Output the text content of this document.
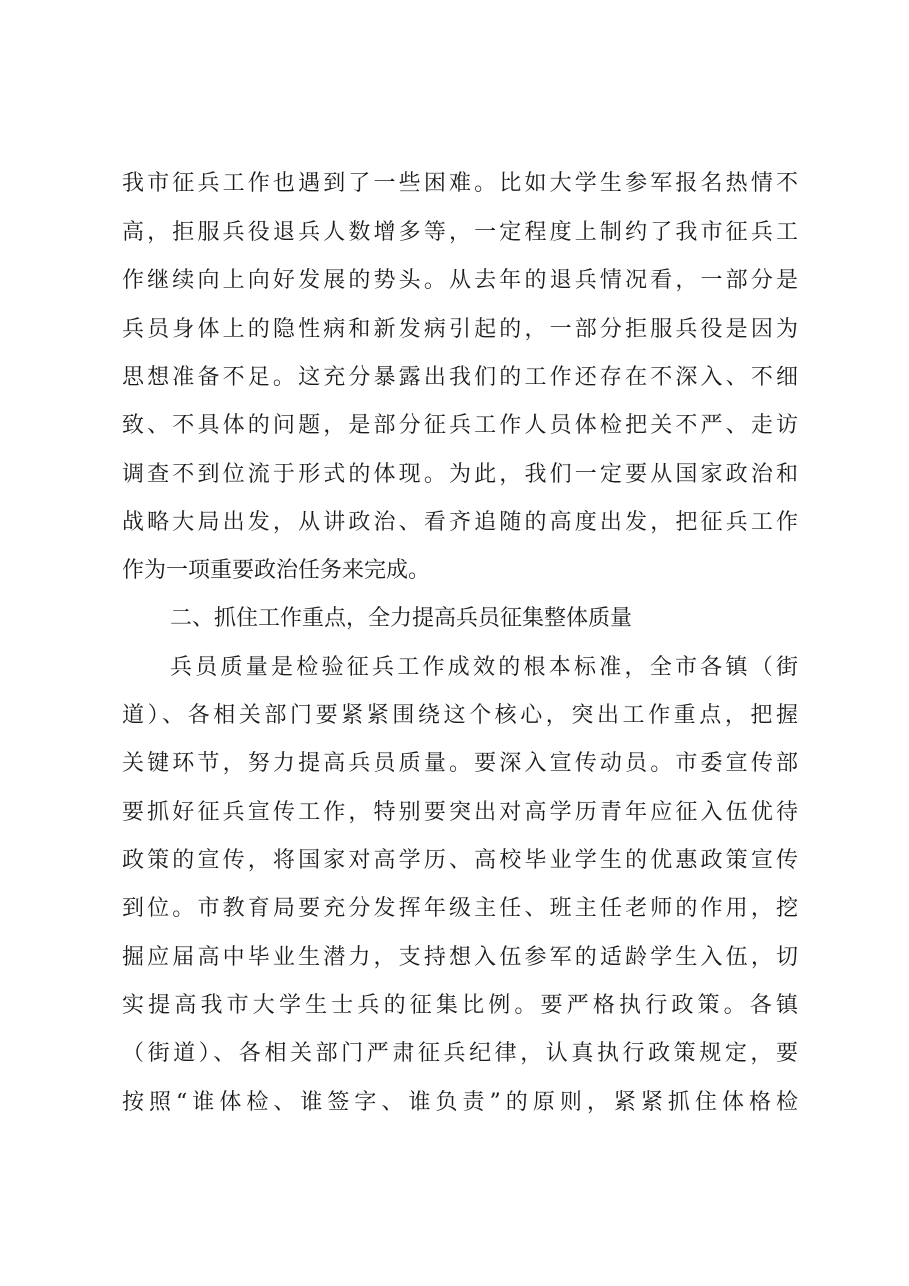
我市征兵工作也遇到了一些困难。比如大学生参军报名热情不
高，拒服兵役退兵人数增多等，一定程度上制约了我市征兵工
作继续向上向好发展的势头。从去年的退兵情况看，一部分是
兵员身体上的隐性病和新发病引起的，一部分拒服兵役是因为
思想准备不足。这充分暴露出我们的工作还存在不深入、不细
致、不具体的问题，是部分征兵工作人员体检把关不严、走访
调查不到位流于形式的体现。为此，我们一定要从国家政治和
战略大局出发，从讲政治、看齐追随的高度出发，把征兵工作
作为一项重要政治任务来完成。
二、抓住工作重点，全力提高兵员征集整体质量
兵员质量是检验征兵工作成效的根本标准，全市各镇（街
道）、各相关部门要紧紧围绕这个核心，突出工作重点，把握
关键环节，努力提高兵员质量。要深入宣传动员。市委宣传部
要抓好征兵宣传工作，特别要突出对高学历青年应征入伍优待
政策的宣传，将国家对高学历、高校毕业学生的优惠政策宣传
到位。市教育局要充分发挥年级主任、班主任老师的作用，挖
掘应届高中毕业生潜力，支持想入伍参军的适龄学生入伍，切
实提高我市大学生士兵的征集比例。要严格执行政策。各镇
（街道）、各相关部门严肃征兵纪律，认真执行政策规定，要
按照“谁体检、谁签字、谁负责”的原则，紧紧抓住体格检
